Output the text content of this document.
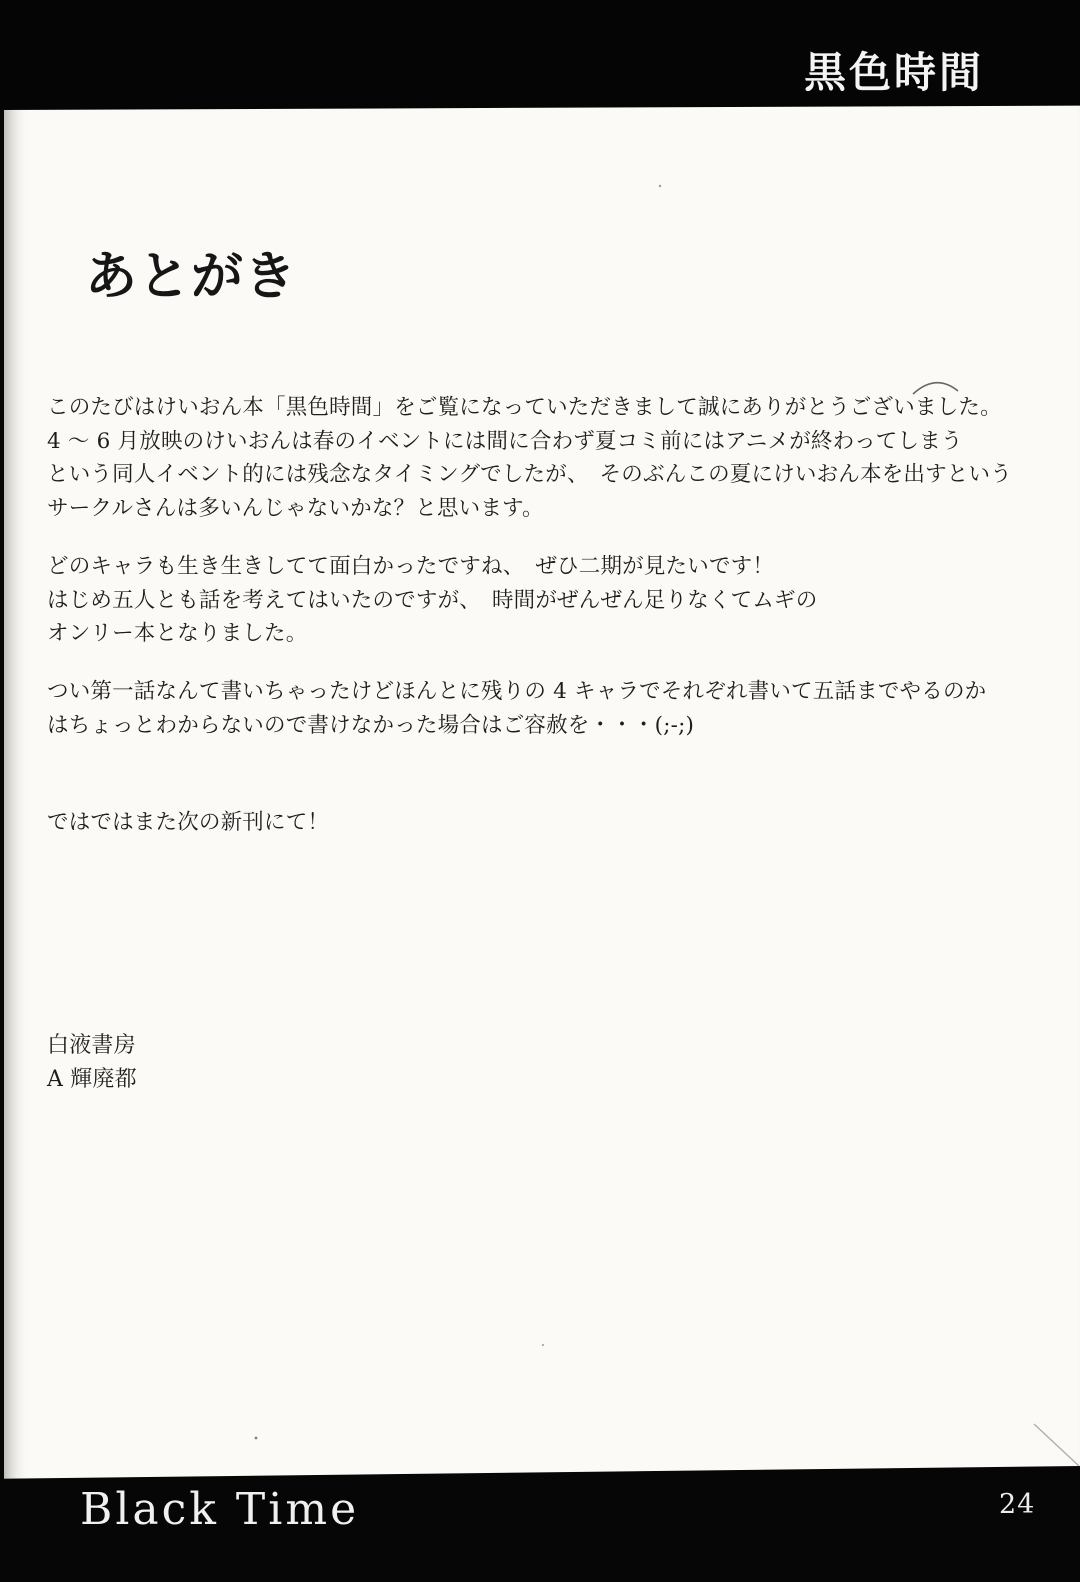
黒色時間
あとがき
このたびはけいおん本「黒色時間」をご覧になっていただきまして誠にありがとうございました。
4 ～ 6 月放映のけいおんは春のイベントには間に合わず夏コミ前にはアニメが終わってしまう
という同人イベント的には残念なタイミングでしたが、　そのぶんこの夏にけいおん本を出すという
サークルさんは多いんじゃないかな？と思います。
どのキャラも生き生きしてて面白かったですね、　ぜひ二期が見たいです！
はじめ五人とも話を考えてはいたのですが、　時間がぜんぜん足りなくてムギの
オンリー本となりました。
つい第一話なんて書いちゃったけどほんとに残りの 4 キャラでそれぞれ書いて五話までやるのか
はちょっとわからないので書けなかった場合はご容赦を・・・(;-;)
ではではまた次の新刊にて！
白液書房
A 輝廃都
Black Time	24
